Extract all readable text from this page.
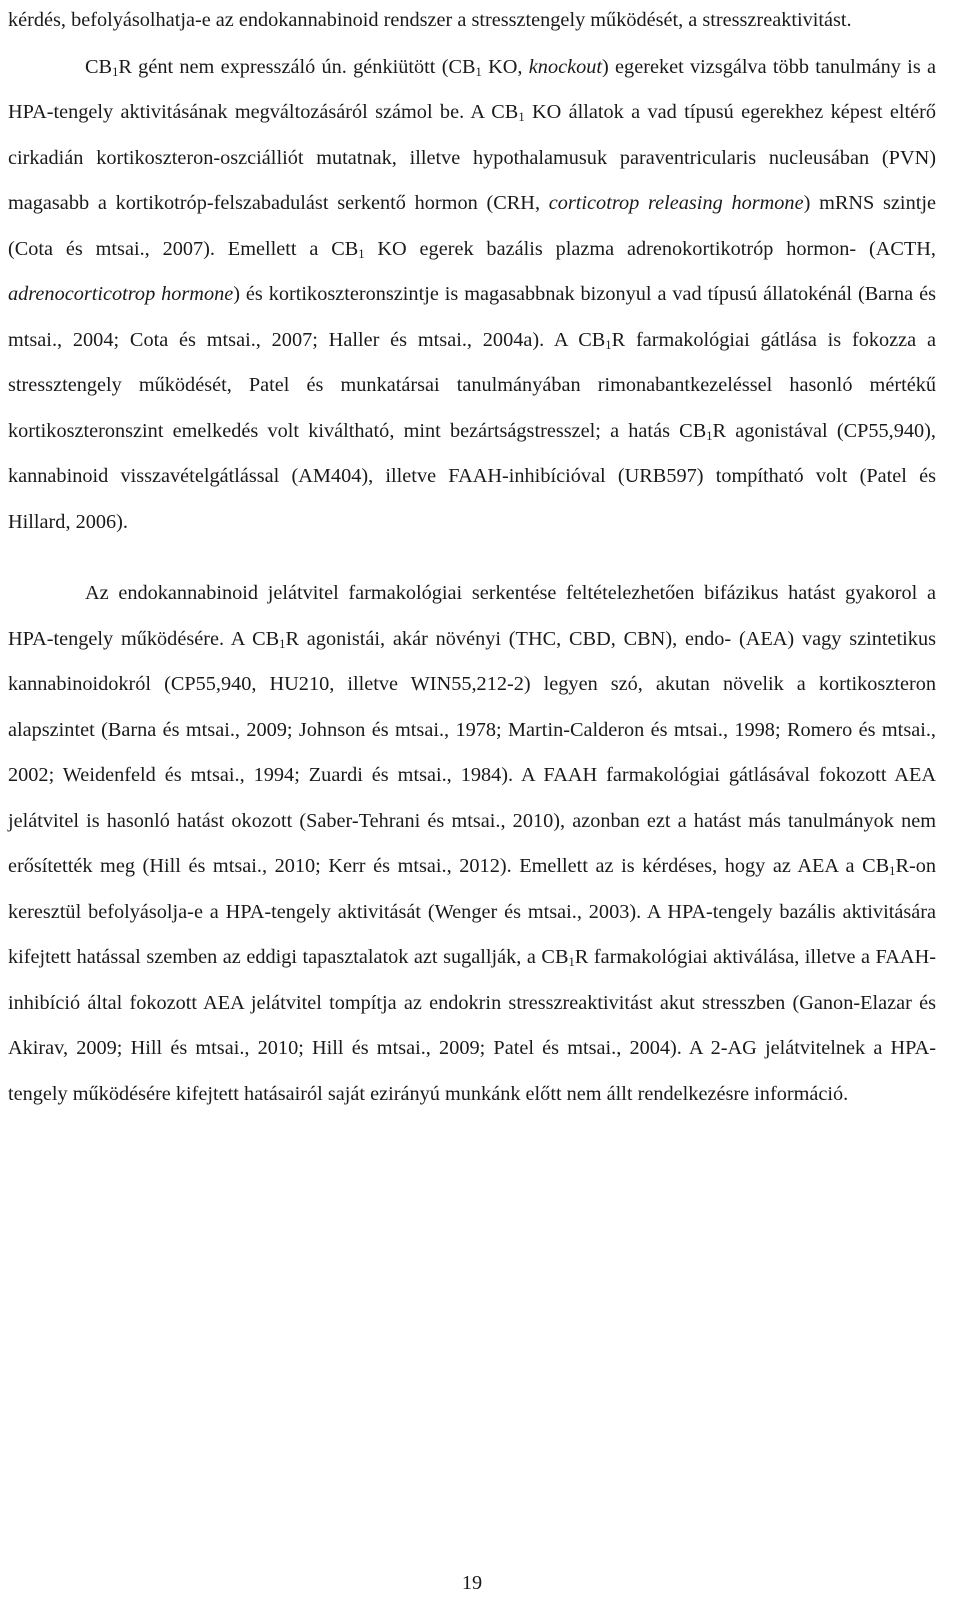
kérdés, befolyásolhatja-e az endokannabinoid rendszer a stressztengely működését, a stresszreaktivitást.

$CB_1R$ gént nem expresszáló ún. génkiütött ($CB_1$ KO, knockout) egereket vizsgálva több tanulmány is a HPA-tengely aktivitásának megváltozásáról számol be. A $CB_1$ KO állatok a vad típusú egerekhez képest eltérő cirkadián kortikoszteron-oszciálliót mutatnak, illetve hypothalamusuk paraventricularis nucleusában (PVN) magasabb a kortikotróp-felszabadulást serkentő hormon (CRH, corticotrop releasing hormone) mRNS szintje (Cota és mtsai., 2007). Emellett a $CB_1$ KO egerek bazális plazma adrenokortikotróp hormon- (ACTH, adrenocorticotrop hormone) és kortikoszteronszintje is magasabbnak bizonyul a vad típusú állatokénál (Barna és mtsai., 2004; Cota és mtsai., 2007; Haller és mtsai., 2004a). A $CB_1R$ farmakológiai gátlása is fokozza a stressztengely működését, Patel és munkatársai tanulmányában rimonabantkezeléssel hasonló mértékű kortikoszteronszint emelkedés volt kiváltható, mint bezártságstresszel; a hatás $CB_1R$ agonistával (CP55,940), kannabinoid visszavételgátlással (AM404), illetve FAAH-inhibícióval (URB597) tompítható volt (Patel és Hillard, 2006).

Az endokannabinoid jelátvitel farmakológiai serkentése feltételezhetően bifázikus hatást gyakorol a HPA-tengely működésére. A $CB_1R$ agonistái, akár növényi (THC, CBD, CBN), endo- (AEA) vagy szintetikus kannabinoidokról (CP55,940, HU210, illetve WIN55,212-2) legyen szó, akutan növelik a kortikoszteron alapszintet (Barna és mtsai., 2009; Johnson és mtsai., 1978; Martin-Calderon és mtsai., 1998; Romero és mtsai., 2002; Weidenfeld és mtsai., 1994; Zuardi és mtsai., 1984). A FAAH farmakológiai gátlásával fokozott AEA jelátvitel is hasonló hatást okozott (Saber-Tehrani és mtsai., 2010), azonban ezt a hatást más tanulmányok nem erősítették meg (Hill és mtsai., 2010; Kerr és mtsai., 2012). Emellett az is kérdéses, hogy az AEA a $CB_1R-on$ keresztül befolyásolja-e a HPA-tengely aktivitását (Wenger és mtsai., 2003). A HPA-tengely bazális aktivitására kifejtett hatással szemben az eddigi tapasztalatok azt sugallják, a $CB_1R$ farmakológiai aktiválása, illetve a FAAH-inhibíció által fokozott AEA jelátvitel tompítja az endokrin stresszreaktivitást akut stresszben (Ganon-Elazar és Akirav, 2009; Hill és mtsai., 2010; Hill és mtsai., 2009; Patel és mtsai., 2004). A 2-AG jelátvitelnek a HPA-tengely működésére kifejtett hatásairól saját ezirányú munkánk előtt nem állt rendelkezésre információ.

19
